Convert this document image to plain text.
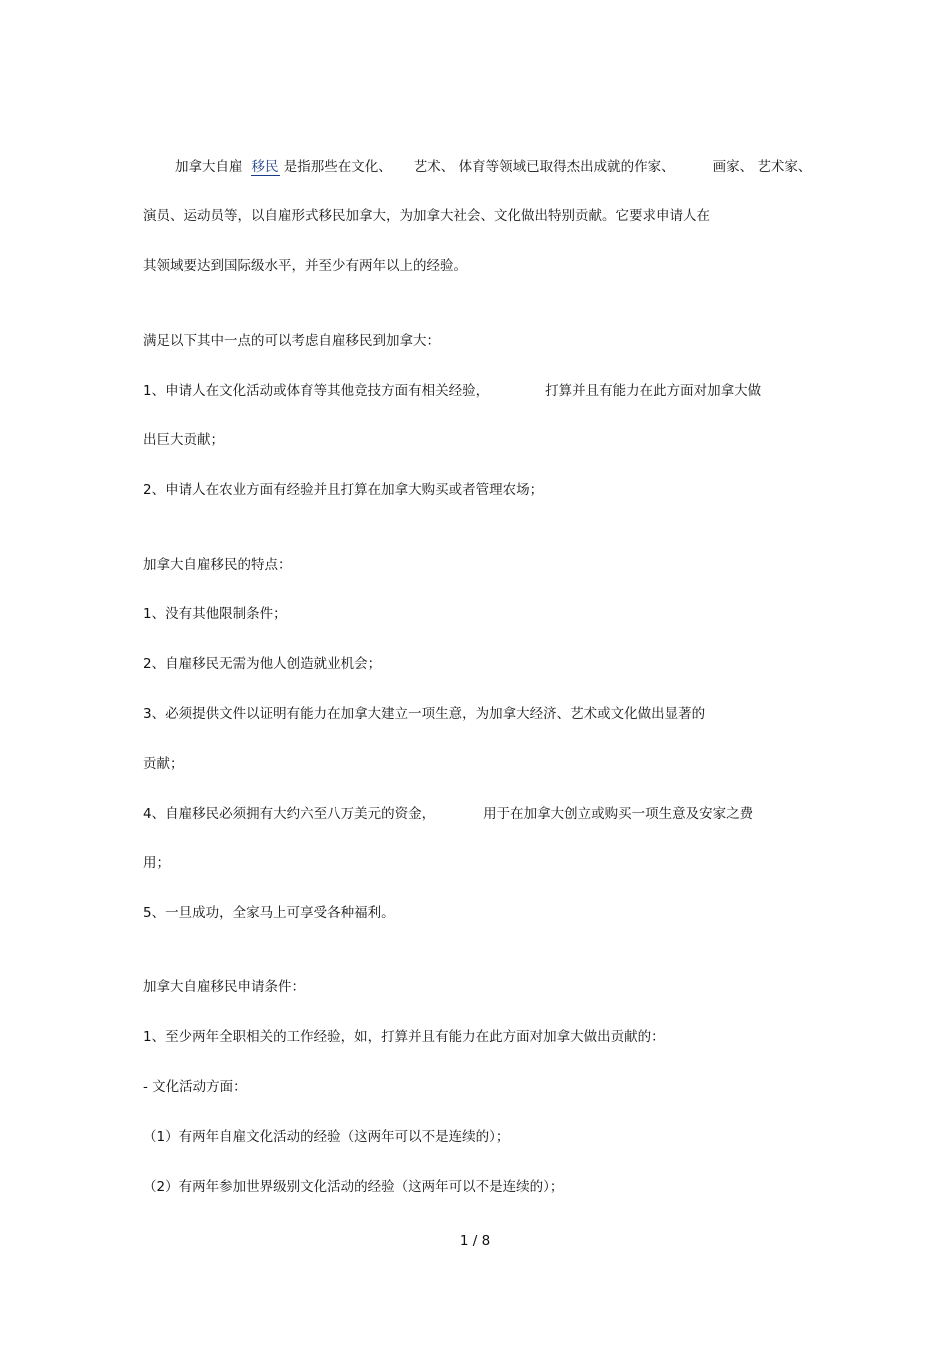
加拿大自雇 移民 是指那些在文化、 艺术、 体育等领域已取得杰出成就的作家、	画家、 艺术家、
演员、运动员等，以自雇形式移民加拿大，为加拿大社会、文化做出特别贡献。它要求申请人在
其领域要达到国际级水平，并至少有两年以上的经验。
满足以下其中一点的可以考虑自雇移民到加拿大：
1、申请人在文化活动或体育等其他竞技方面有相关经验，	打算并且有能力在此方面对加拿大做
出巨大贡献；
2、申请人在农业方面有经验并且打算在加拿大购买或者管理农场；
加拿大自雇移民的特点：
1、没有其他限制条件；
2、自雇移民无需为他人创造就业机会；
3、必须提供文件以证明有能力在加拿大建立一项生意，为加拿大经济、艺术或文化做出显著的
贡献；
4、自雇移民必须拥有大约六至八万美元的资金，	用于在加拿大创立或购买一项生意及安家之费
用；
5、一旦成功，全家马上可享受各种福利。
加拿大自雇移民申请条件：
1、至少两年全职相关的工作经验，如，打算并且有能力在此方面对加拿大做出贡献的：
- 文化活动方面：
（1）有两年自雇文化活动的经验（这两年可以不是连续的）；
（2）有两年参加世界级别文化活动的经验（这两年可以不是连续的）；
1 / 8
